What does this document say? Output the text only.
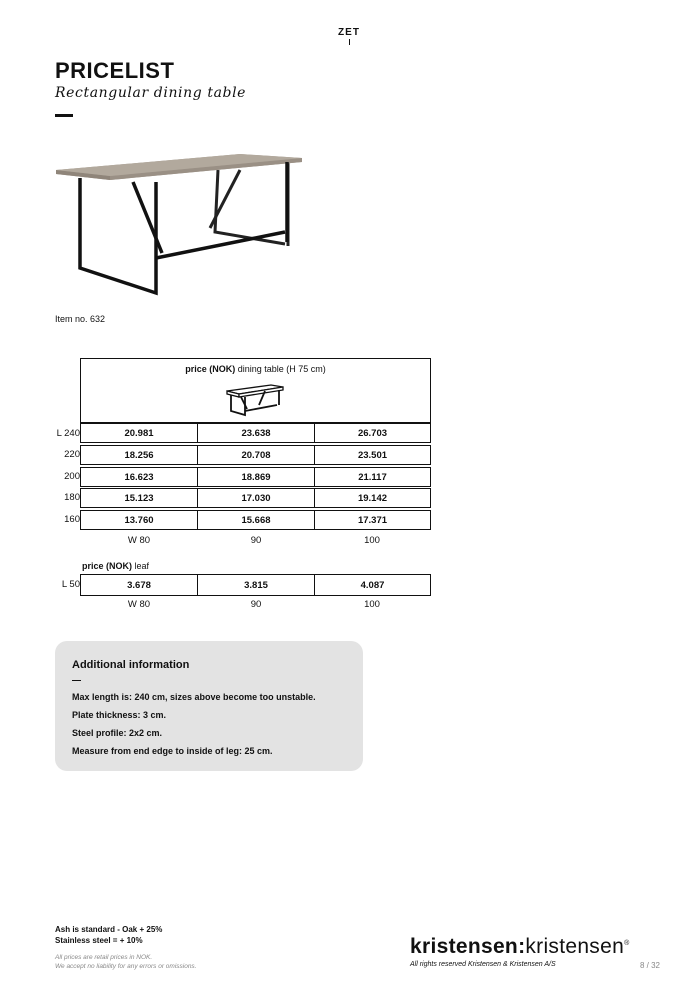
ZET
PRICELIST
Rectangular dining table
Item no. 632
price (NOK) dining table (H 75 cm)
L 240	20.981	23.638	26.703
220	18.256	20.708	23.501
200	16.623	18.869	21.117
180	15.123	17.030	19.142
160	13.760	15.668	17.371
W 80	90	100
price (NOK) leaf
L 50	3.678	3.815	4.087
W 80	90	100
Additional information
Max length is: 240 cm, sizes above become too unstable.
Plate thickness: 3 cm.
Steel profile: 2x2 cm.
Measure from end edge to inside of leg: 25 cm.
Ash is standard - Oak + 25%
Stainless steel = + 10%
All prices are retail prices in NOK.
We accept no liability for any errors or omissions.
kristensen:kristensen®
All rights reserved Kristensen & Kristensen A/S	8 / 32
